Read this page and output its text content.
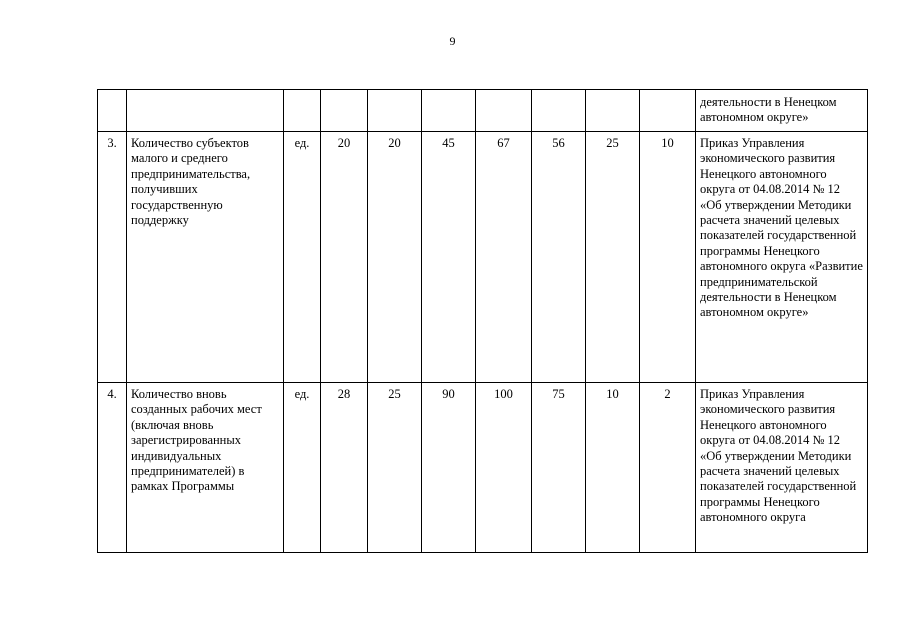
9
										деятельности в Ненецком автономном округе»
3.	Количество субъектов малого и среднего предпринимательства, получивших государственную поддержку	ед.	20	20	45	67	56	25	10	Приказ Управления экономического развития Ненецкого автономного округа от 04.08.2014 № 12 «Об утверждении Методики расчета значений целевых показателей государственной программы Ненецкого автономного округа «Развитие предпринимательской деятельности в Ненецком автономном округе»
4.	Количество вновь созданных рабочих мест (включая вновь зарегистрированных индивидуальных предпринимателей) в рамках Программы	ед.	28	25	90	100	75	10	2	Приказ Управления экономического развития Ненецкого автономного округа от 04.08.2014 № 12 «Об утверждении Методики расчета значений целевых показателей государственной программы Ненецкого автономного округа
